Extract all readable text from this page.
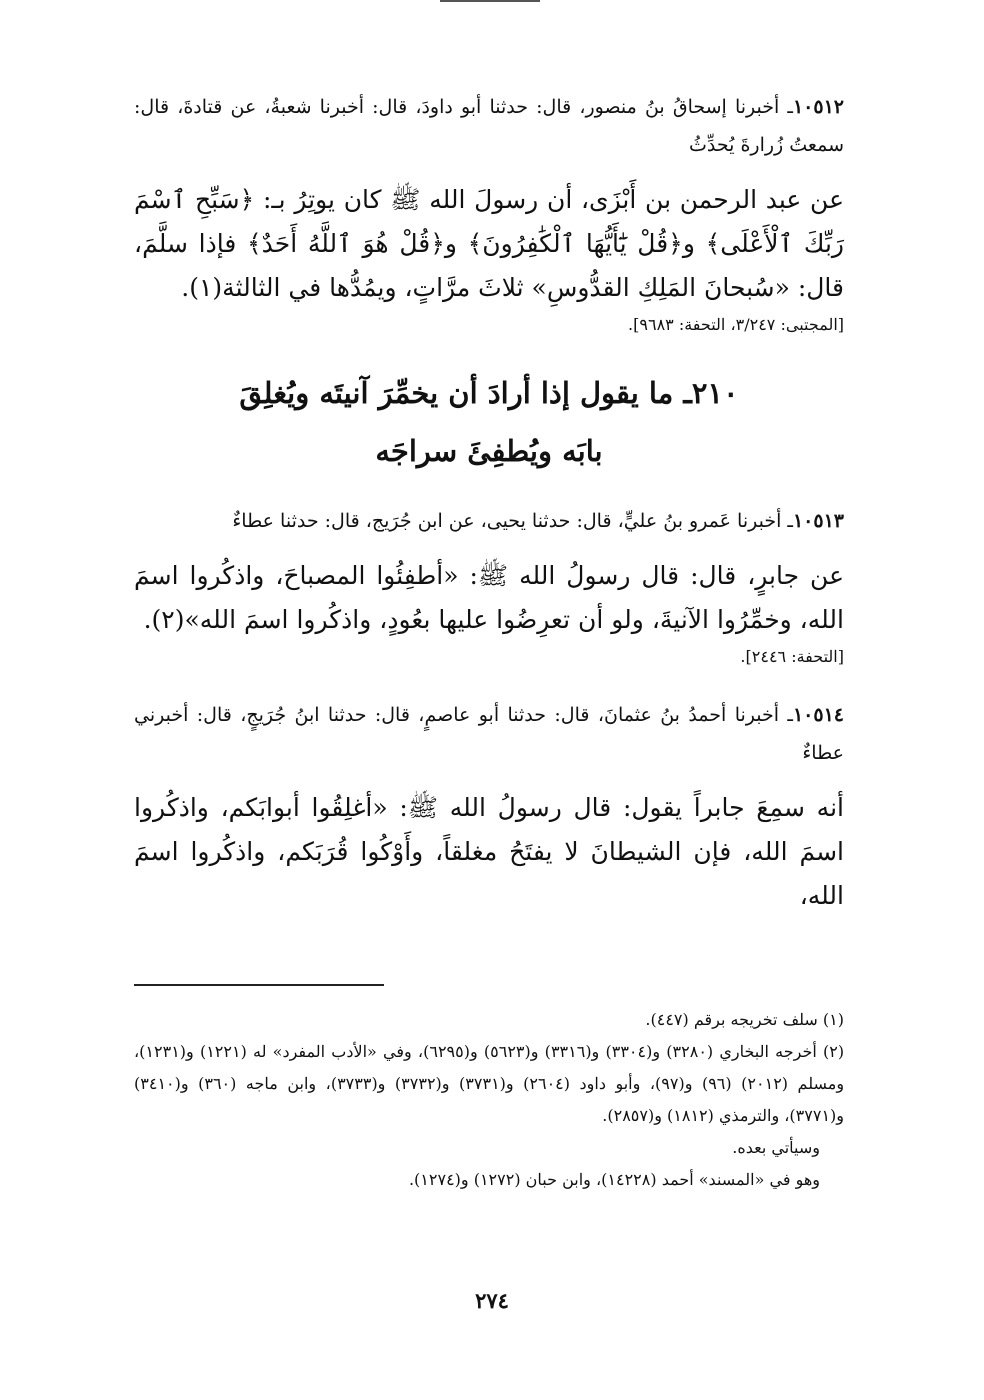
١٠٥١٢ـ أخبرنا إسحاقُ بنُ منصور، قال: حدثنا أبو داودَ، قال: أخبرنا شعبةُ، عن قتادةَ، قال: سمعتُ زُرارةَ يُحدِّثُ

عن عبد الرحمن بن أَبْزَى، أن رسولَ الله ﷺ كان يوتِرُ بـ: ﴿سَبِّحِ ٱسْمَ رَبِّكَ ٱلْأَعْلَى﴾ و﴿قُلْ يَٰٓأَيُّهَا ٱلْكَٰفِرُونَ﴾ و﴿قُلْ هُوَ ٱللَّهُ أَحَدٌ﴾ فإذا سلَّمَ، قال: «سُبحانَ المَلِكِ القدُّوسِ» ثلاثَ مرَّاتٍ، ويمُدُّها في الثالثة(١).

[المجتبى: ٣/٢٤٧، التحفة: ٩٦٨٣].

٢١٠ـ ما يقول إذا أرادَ أن يخمِّرَ آنيتَه ويُغلِقَ
بابَه ويُطفِئَ سراجَه

١٠٥١٣ـ أخبرنا عَمرو بنُ عليٍّ، قال: حدثنا يحيى، عن ابن جُرَيج، قال: حدثنا عطاءٌ

عن جابرٍ، قال: قال رسولُ الله ﷺ: «أطفِئُوا المصباحَ، واذكُروا اسمَ الله، وخمِّرُوا الآنيةَ، ولو أن تعرِضُوا عليها بعُودٍ، واذكُروا اسمَ الله»(٢).

[التحفة: ٢٤٤٦].

١٠٥١٤ـ أخبرنا أحمدُ بنُ عثمانَ، قال: حدثنا أبو عاصمٍ، قال: حدثنا ابنُ جُرَيجٍ، قال: أخبرني عطاءٌ

أنه سمِعَ جابراً يقول: قال رسولُ الله ﷺ: «أغلِقُوا أبوابَكم، واذكُروا اسمَ الله، فإن الشيطانَ لا يفتَحُ مغلقاً، وأَوْكُوا قُرَبَكم، واذكُروا اسمَ الله،

(١) سلف تخريجه برقم (٤٤٧).

(٢) أخرجه البخاري (٣٢٨٠) و(٣٣٠٤) و(٣٣١٦) و(٥٦٢٣) و(٦٢٩٥)، وفي «الأدب المفرد» له (١٢٢١) و(١٢٣١)، ومسلم (٢٠١٢) (٩٦) و(٩٧)، وأبو داود (٢٦٠٤) و(٣٧٣١) و(٣٧٣٢) و(٣٧٣٣)، وابن ماجه (٣٦٠) و(٣٤١٠) و(٣٧٧١)، والترمذي (١٨١٢) و(٢٨٥٧).

وسيأتي بعده.

وهو في «المسند» أحمد (١٤٢٢٨)، وابن حبان (١٢٧٢) و(١٢٧٤).

٢٧٤
